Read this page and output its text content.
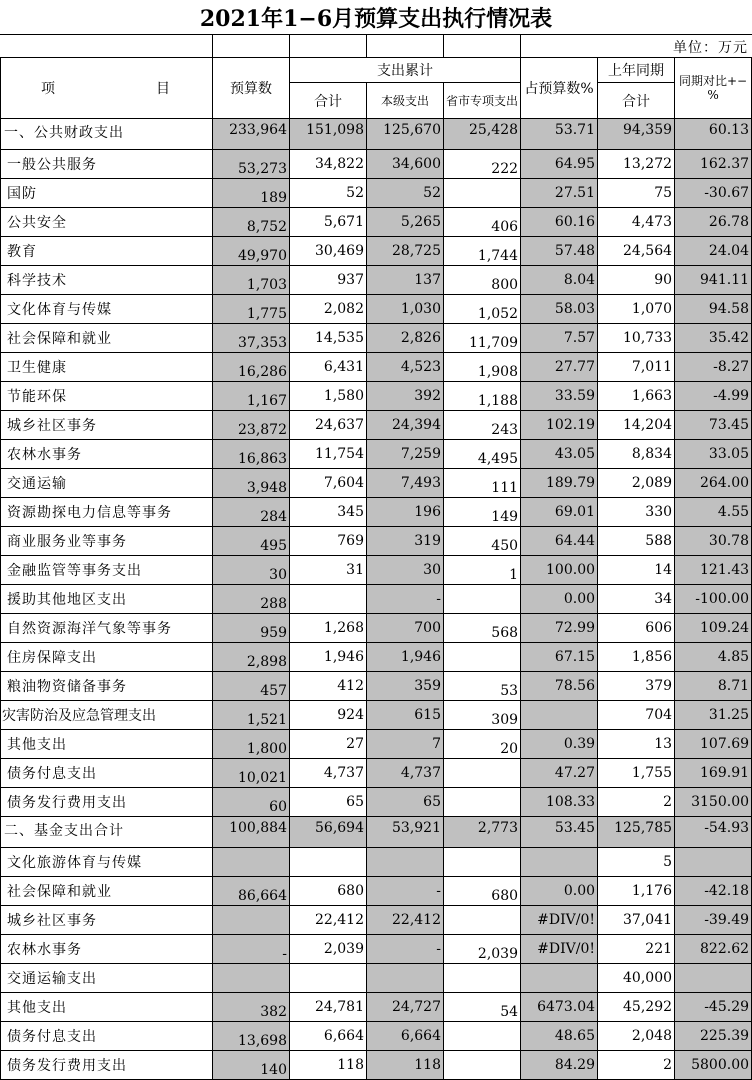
2021年1−6月预算支出执行情况表
单位：万元
项 目	预算数	支出累计			占预算数%	上年同期	同期对比+−%
		合计	本级支出	省市专项支出		合计	
一、公共财政支出	233,964	151,098	125,670	25,428	53.71	94,359	60.13
一般公共服务	53,273	34,822	34,600	222	64.95	13,272	162.37
国防	189	52	52		27.51	75	-30.67
公共安全	8,752	5,671	5,265	406	60.16	4,473	26.78
教育	49,970	30,469	28,725	1,744	57.48	24,564	24.04
科学技术	1,703	937	137	800	8.04	90	941.11
文化体育与传媒	1,775	2,082	1,030	1,052	58.03	1,070	94.58
社会保障和就业	37,353	14,535	2,826	11,709	7.57	10,733	35.42
卫生健康	16,286	6,431	4,523	1,908	27.77	7,011	-8.27
节能环保	1,167	1,580	392	1,188	33.59	1,663	-4.99
城乡社区事务	23,872	24,637	24,394	243	102.19	14,204	73.45
农林水事务	16,863	11,754	7,259	4,495	43.05	8,834	33.05
交通运输	3,948	7,604	7,493	111	189.79	2,089	264.00
资源勘探电力信息等事务	284	345	196	149	69.01	330	4.55
商业服务业等事务	495	769	319	450	64.44	588	30.78
金融监管等事务支出	30	31	30	1	100.00	14	121.43
援助其他地区支出	288		-		0.00	34	-100.00
自然资源海洋气象等事务	959	1,268	700	568	72.99	606	109.24
住房保障支出	2,898	1,946	1,946		67.15	1,856	4.85
粮油物资储备事务	457	412	359	53	78.56	379	8.71
灾害防治及应急管理支出	1,521	924	615	309		704	31.25
其他支出	1,800	27	7	20	0.39	13	107.69
债务付息支出	10,021	4,737	4,737		47.27	1,755	169.91
债务发行费用支出	60	65	65		108.33	2	3150.00
二、基金支出合计	100,884	56,694	53,921	2,773	53.45	125,785	-54.93
文化旅游体育与传媒						5	
社会保障和就业	86,664	680	-	680	0.00	1,176	-42.18
城乡社区事务		22,412	22,412		#DIV/0!	37,041	-39.49
农林水事务	-	2,039	-	2,039	#DIV/0!	221	822.62
交通运输支出						40,000	
其他支出	382	24,781	24,727	54	6473.04	45,292	-45.29
债务付息支出	13,698	6,664	6,664		48.65	2,048	225.39
债务发行费用支出	140	118	118		84.29	2	5800.00
